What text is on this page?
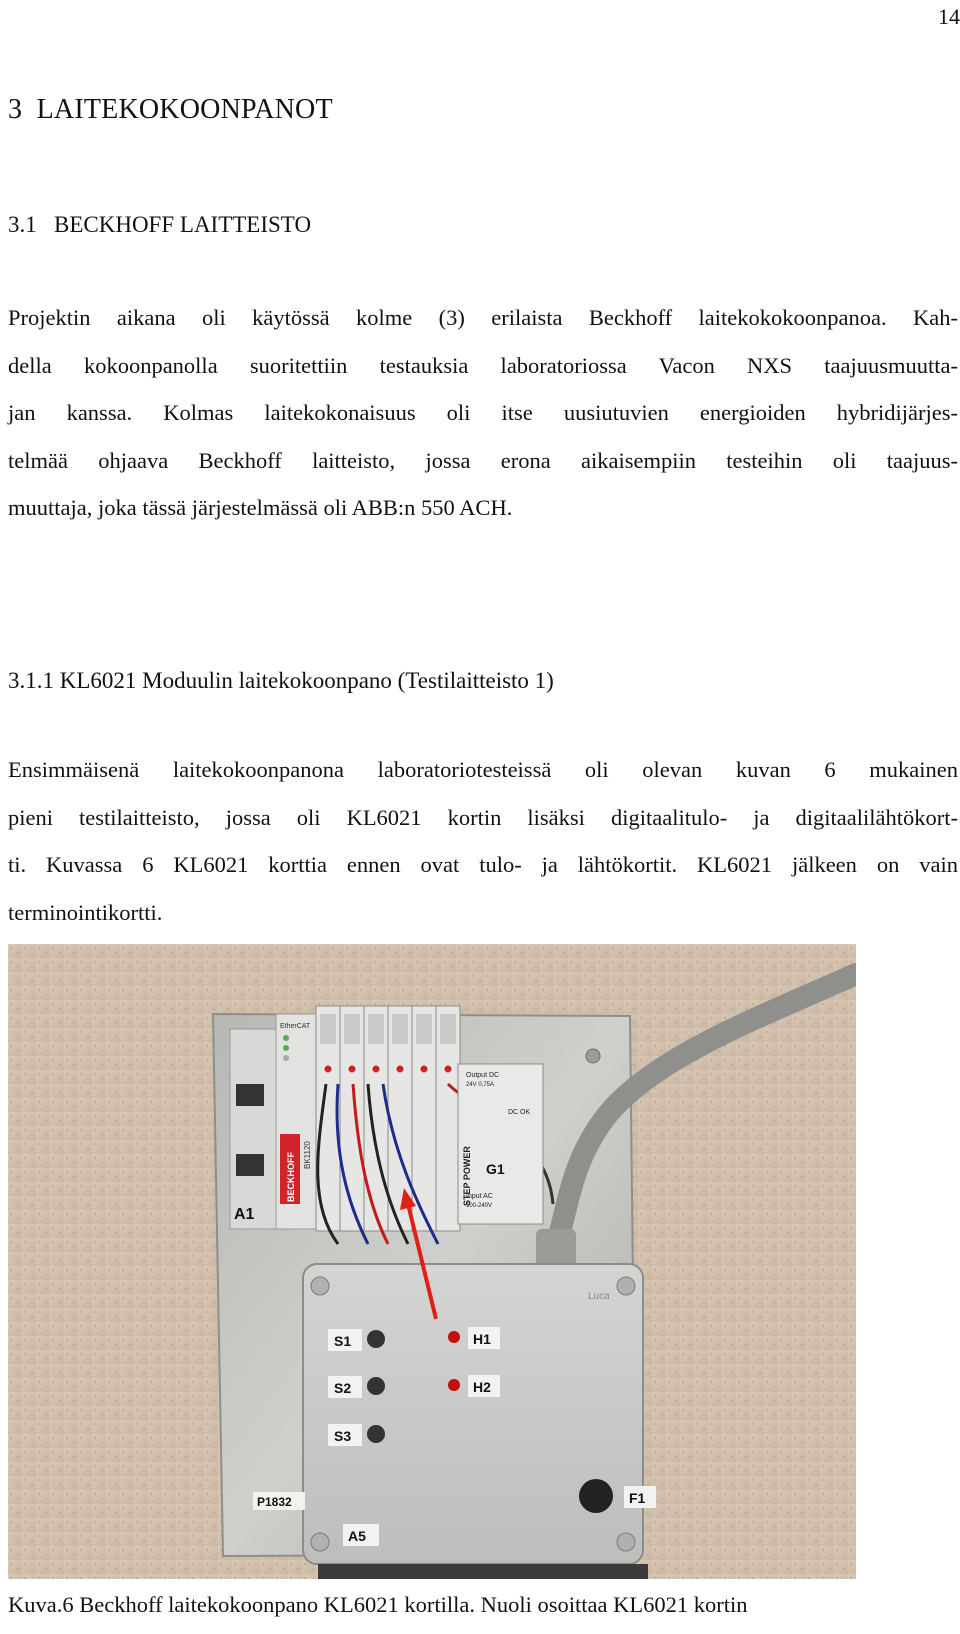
14
3 LAITEKOKOONPANOT
3.1 BECKHOFF LAITTEISTO
Projektin aikana oli käytössä kolme (3) erilaista Beckhoff laitekokokoonpanoa. Kah-
della kokoonpanolla suoritettiin testauksia laboratoriossa Vacon NXS taajuusmuutta-
jan kanssa. Kolmas laitekokonaisuus oli itse uusiutuvien energioiden hybridijärjes-
telmää ohjaava Beckhoff laitteisto, jossa erona aikaisempiin testeihin oli taajuus-
muuttaja, joka tässä järjestelmässä oli ABB:n 550 ACH.
3.1.1 KL6021 Moduulin laitekokoonpano (Testilaitteisto 1)
Ensimmäisenä laitekokoonpanona laboratoriotesteissä oli olevan kuvan 6 mukainen
pieni testilaitteisto, jossa oli KL6021 kortin lisäksi digitaalitulo- ja digitaalilähtökort-
ti. Kuvassa 6 KL6021 korttia ennen ovat tulo- ja lähtökortit. KL6021 jälkeen on vain
terminointikortti.
A1
EtherCAT
BECKHOFF BK1120
Output DC
24V 0,75A
DC OK
STEP POWER G1
Input AC
100-240V
Luca
S1
S2
S3
H1
H2
P1832	F1
A5
Kuva.6 Beckhoff laitekokoonpano KL6021 kortilla. Nuoli osoittaa KL6021 kortin
